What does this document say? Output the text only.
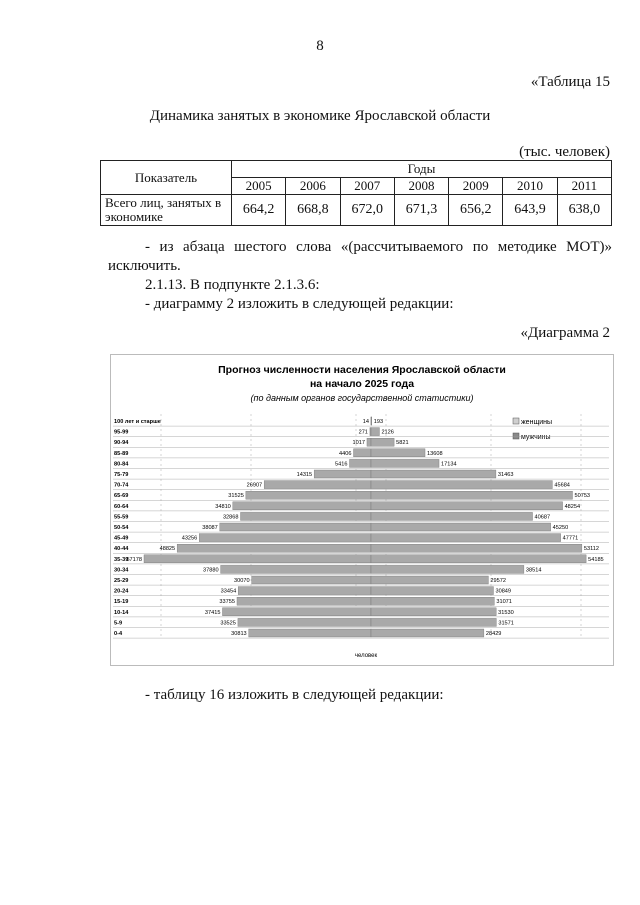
8
«Таблица 15
Динамика занятых в экономике Ярославской области
(тыс. человек)
Показатель	Годы						
	2005	2006	2007	2008	2009	2010	2011
Всего лиц, занятых в экономике	664,2	668,8	672,0	671,3	656,2	643,9	638,0
- из абзаца шестого слова «(рассчитываемого по методике МОТ)» исключить.
2.1.13. В подпункте 2.1.3.6:
- диаграмму 2 изложить в следующей редакции:
«Диаграмма 2
Прогноз численности населения Ярославской области
на начало 2025 года
(по данным органов государственной статистики)
женщины
мужчины
100 лет и старше	14 193
95-99	271 2126
90-94	1017	5821
85-89	4406	13608
80-84	5416	17134
75-79	14315	31463
70-74	26907	45684
65-69	31525	50753
60-64	34810	48254
55-59	32868	40687
50-54	38087	45250
45-49	43256	47771
40-44	48825	53112
35-39
57178	54185
30-34	37880	38514
25-29	30070	29572
20-24	33454	30849
15-19	33755	31071
10-14	37415	31530
5-9	33525	31571
0-4	30813	28429
человек
- таблицу 16 изложить в следующей редакции:
